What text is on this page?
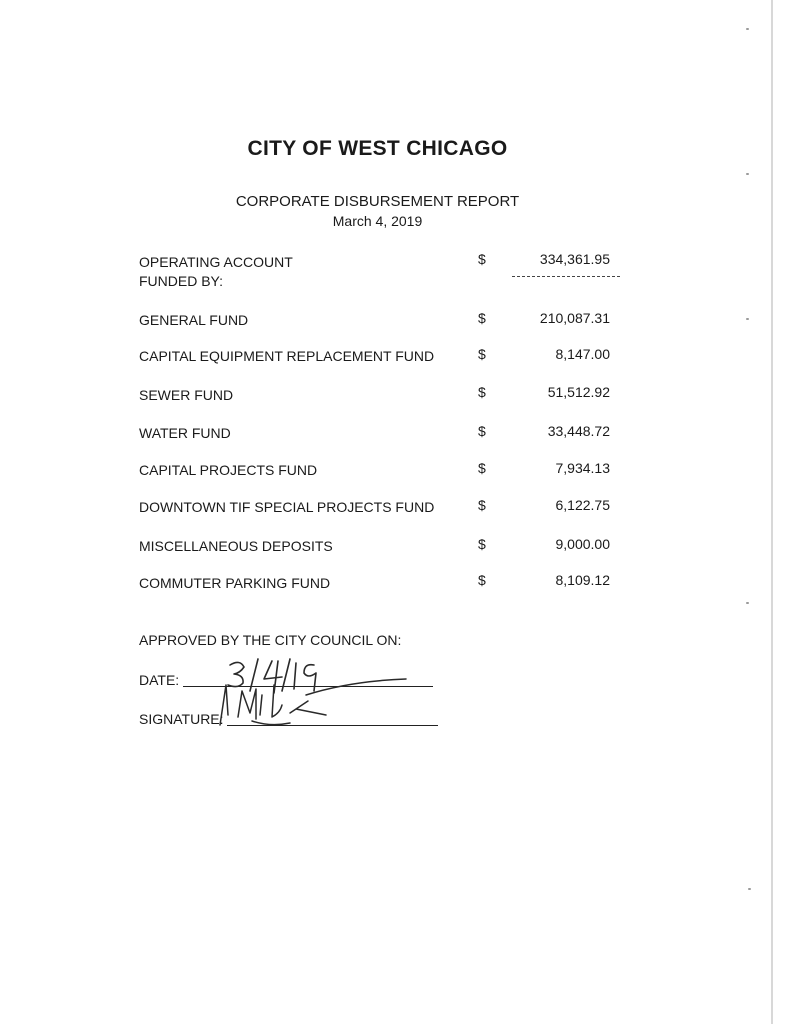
CITY OF WEST CHICAGO
CORPORATE DISBURSEMENT REPORT
March 4, 2019
OPERATING ACCOUNT
FUNDED BY:
$	334,361.95
GENERAL FUND	$	210,087.31
CAPITAL EQUIPMENT REPLACEMENT FUND	$	8,147.00
SEWER FUND	$	51,512.92
WATER FUND	$	33,448.72
CAPITAL PROJECTS FUND	$	7,934.13
DOWNTOWN TIF SPECIAL PROJECTS FUND	$	6,122.75
MISCELLANEOUS DEPOSITS	$	9,000.00
COMMUTER PARKING FUND	$	8,109.12
APPROVED BY THE CITY COUNCIL ON:
DATE:
SIGNATURE:
